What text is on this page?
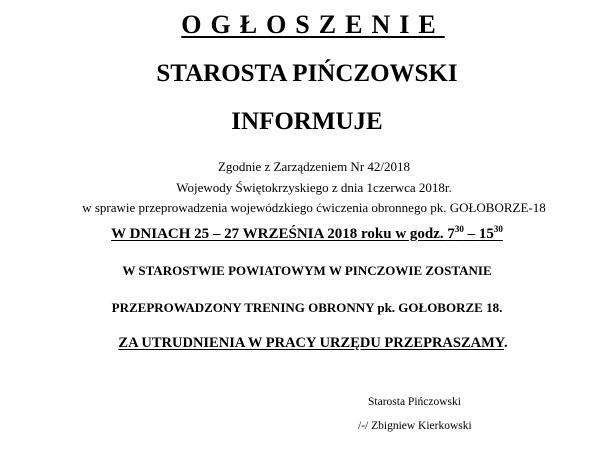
OGŁOSZENIE
STAROSTA PIŃCZOWSKI
INFORMUJE
Zgodnie z Zarządzeniem Nr 42/2018
Wojewody Świętokrzyskiego z dnia 1czerwca 2018r.
w sprawie przeprowadzenia wojewódzkiego ćwiczenia obronnego pk. GOŁOBORZE-18
W DNIACH 25 – 27 WRZEŚNIA 2018 roku w godz. $7^{30} - 15^{30}$
W STAROSTWIE POWIATOWYM W PINCZOWIE ZOSTANIE
PRZEPROWADZONY TRENING OBRONNY pk. GOŁOBORZE 18.
ZA UTRUDNIENIA W PRACY URZĘDU PRZEPRASZAMY.
Starosta Pińczowski
/-/ Zbigniew Kierkowski
